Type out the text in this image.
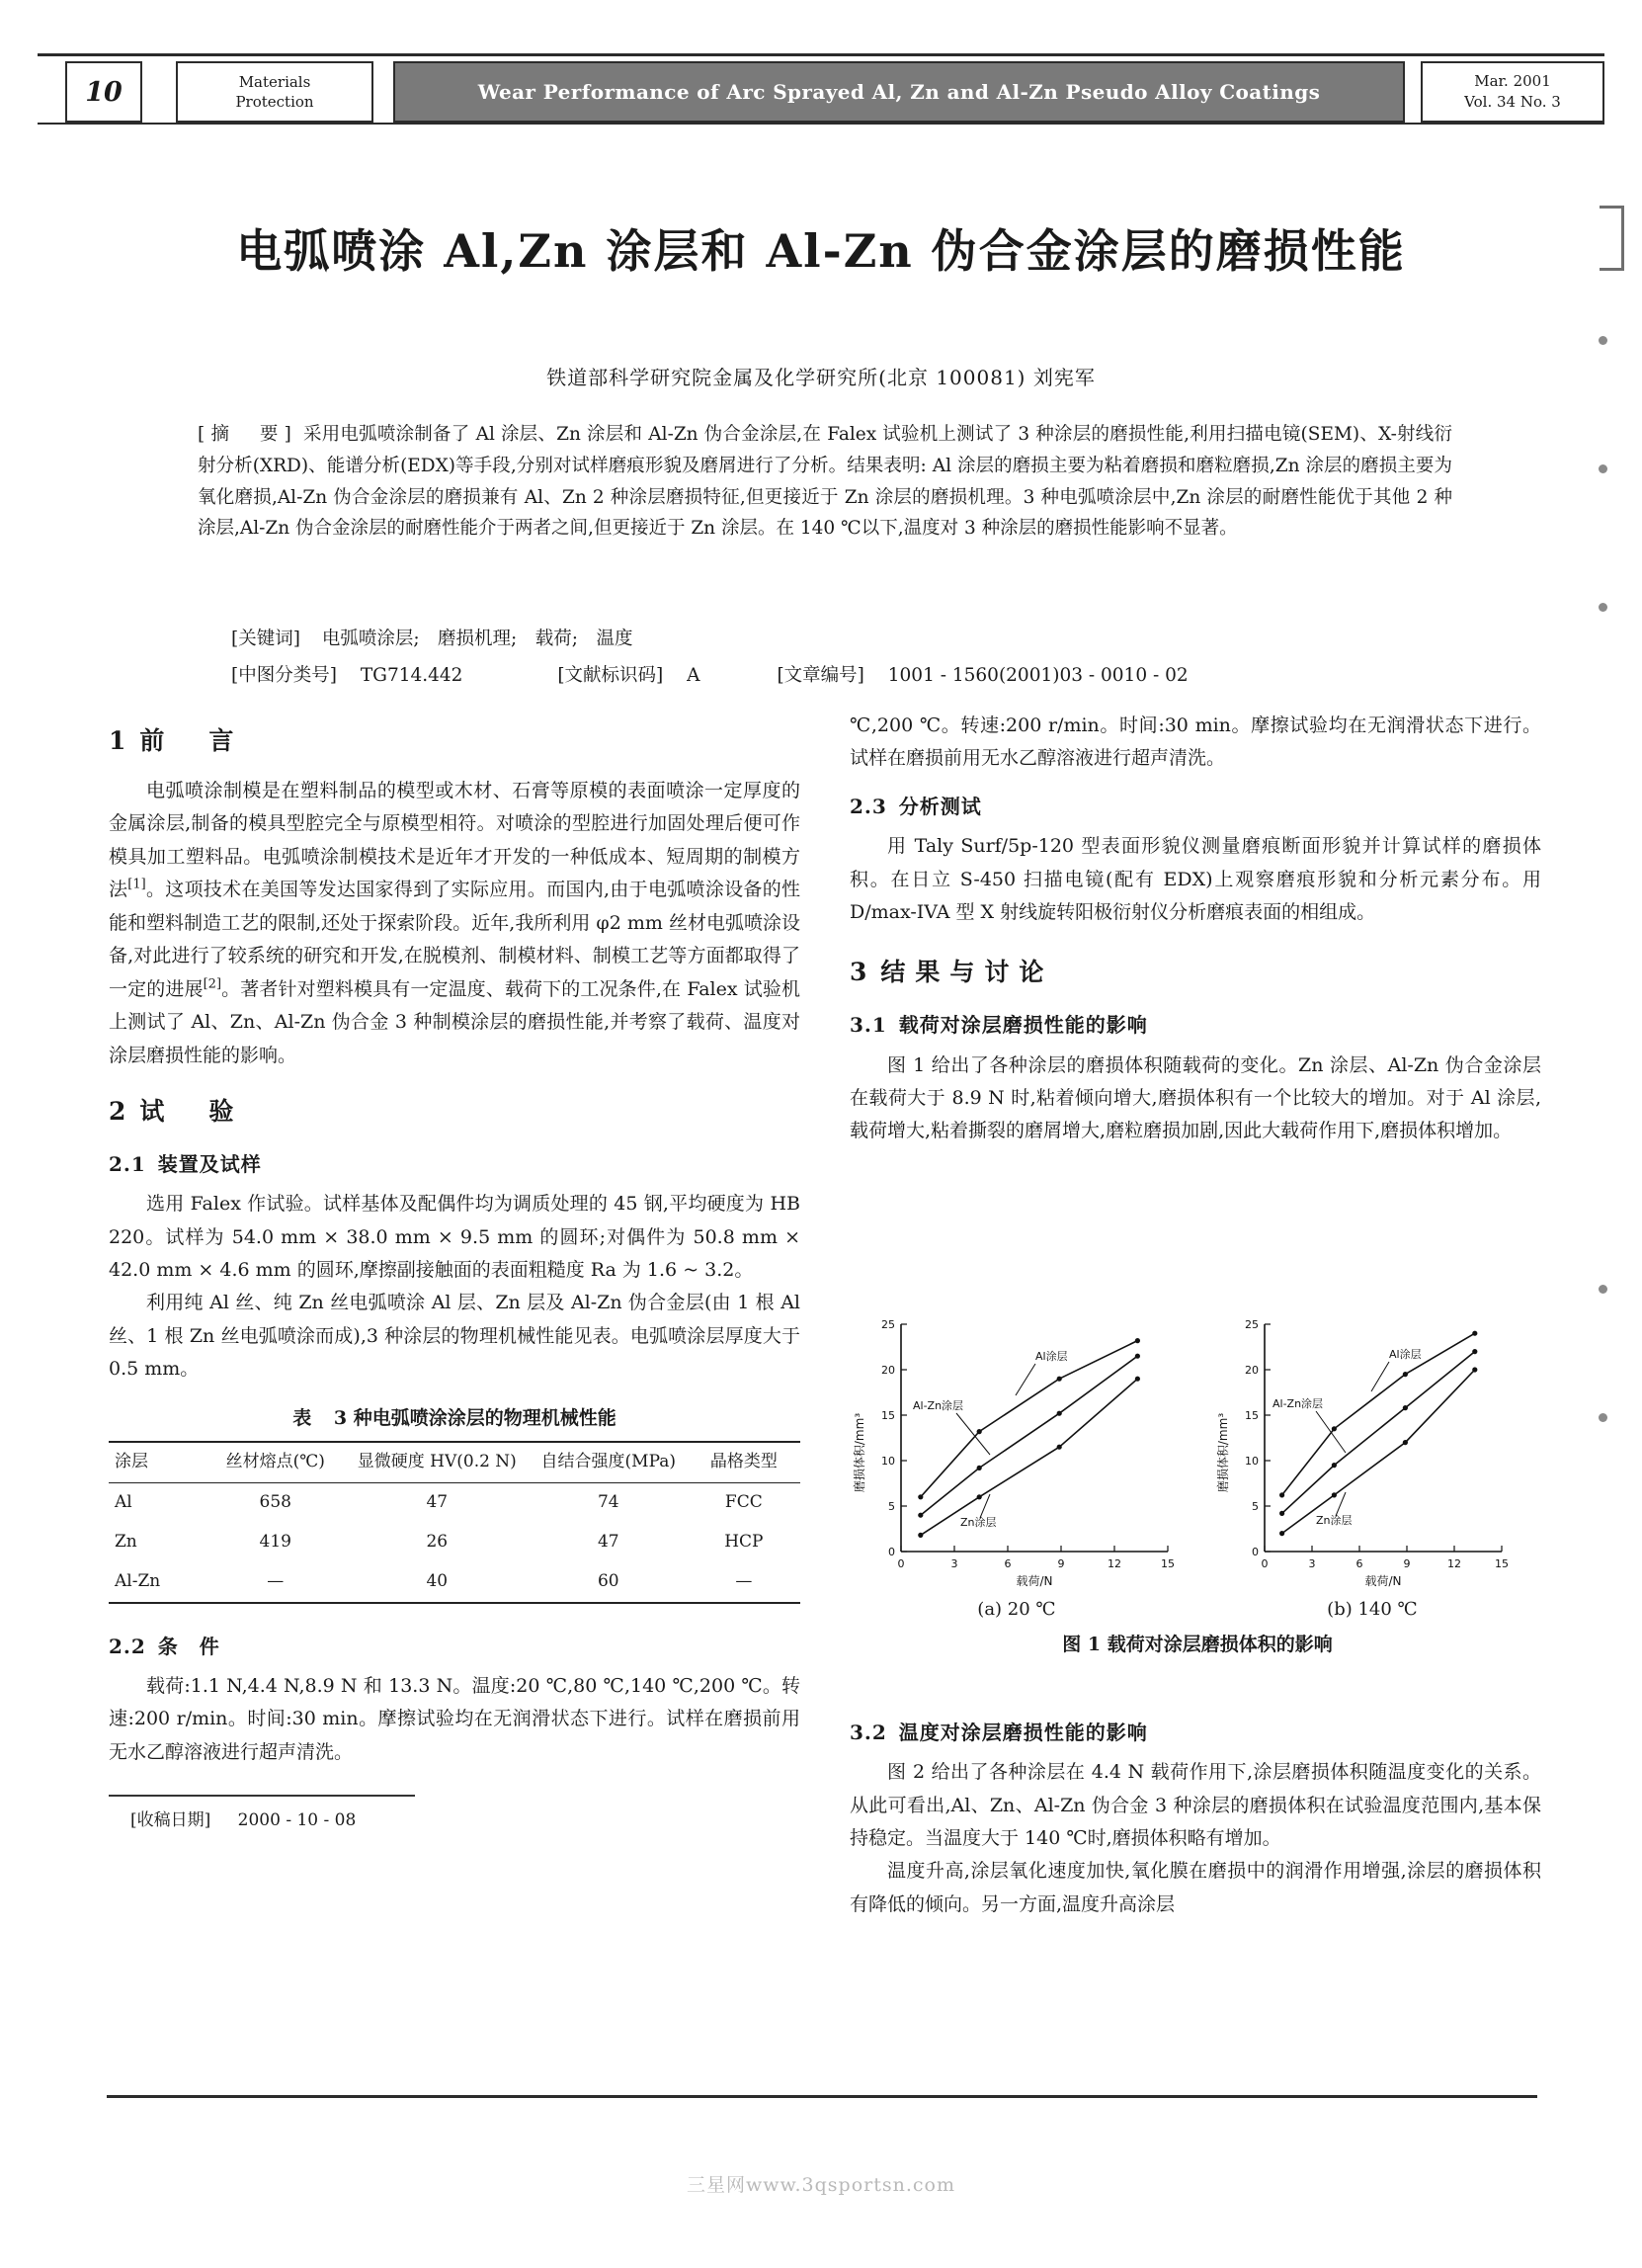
10	Materials
Protection	Wear Performance of Arc Sprayed Al, Zn and Al-Zn Pseudo Alloy Coatings	Mar. 2001
Vol. 34 No. 3
电弧喷涂 Al,Zn 涂层和 Al-Zn 伪合金涂层的磨损性能
铁道部科学研究院金属及化学研究所(北京 100081) 刘宪军

[摘　要] 采用电弧喷涂制备了 Al 涂层、Zn 涂层和 Al-Zn 伪合金涂层,在 Falex 试验机上测试了 3 种涂层的磨损性能,利用扫描电镜(SEM)、X-射线衍射分析(XRD)、能谱分析(EDX)等手段,分别对试样磨痕形貌及磨屑进行了分析。结果表明: Al 涂层的磨损主要为粘着磨损和磨粒磨损,Zn 涂层的磨损主要为氧化磨损,Al-Zn 伪合金涂层的磨损兼有 Al、Zn 2 种涂层磨损特征,但更接近于 Zn 涂层的磨损机理。3 种电弧喷涂层中,Zn 涂层的耐磨性能优于其他 2 种涂层,Al-Zn 伪合金涂层的耐磨性能介于两者之间,但更接近于 Zn 涂层。在 140 ℃以下,温度对 3 种涂层的磨损性能影响不显著。

[关键词] 电弧喷涂层;　磨损机理;　载荷;　温度
[中图分类号] TG714.442	[文献标识码] A	[文章编号] 1001 - 1560(2001)03 - 0010 - 02
1 前　言

电弧喷涂制模是在塑料制品的模型或木材、石膏等原模的表面喷涂一定厚度的金属涂层,制备的模具型腔完全与原模型相符。对喷涂的型腔进行加固处理后便可作模具加工塑料品。电弧喷涂制模技术是近年才开发的一种低成本、短周期的制模方法[1]。这项技术在美国等发达国家得到了实际应用。而国内,由于电弧喷涂设备的性能和塑料制造工艺的限制,还处于探索阶段。近年,我所利用 φ2 mm 丝材电弧喷涂设备,对此进行了较系统的研究和开发,在脱模剂、制模材料、制模工艺等方面都取得了一定的进展[2]。著者针对塑料模具有一定温度、载荷下的工况条件,在 Falex 试验机上测试了 Al、Zn、Al-Zn 伪合金 3 种制模涂层的磨损性能,并考察了载荷、温度对涂层磨损性能的影响。

2 试　验
2.1 装置及试样

选用 Falex 作试验。试样基体及配偶件均为调质处理的 45 钢,平均硬度为 HB 220。试样为 54.0 mm × 38.0 mm × 9.5 mm 的圆环;对偶件为 50.8 mm × 42.0 mm × 4.6 mm 的圆环,摩擦副接触面的表面粗糙度 Ra 为 1.6 ~ 3.2。

利用纯 Al 丝、纯 Zn 丝电弧喷涂 Al 层、Zn 层及 Al-Zn 伪合金层(由 1 根 Al 丝、1 根 Zn 丝电弧喷涂而成),3 种涂层的物理机械性能见表。电弧喷涂层厚度大于 0.5 mm。

表 3 种电弧喷涂涂层的物理机械性能
涂层	丝材熔点(℃)	显微硬度 HV(0.2 N)	自结合强度(MPa)	晶格类型
Al	658	47	74	FCC
Zn	419	26	47	HCP
Al-Zn	—	40	60	—
2.2 条　件

载荷:1.1 N,4.4 N,8.9 N 和 13.3 N。温度:20 ℃,80 ℃,140 ℃,200 ℃。转速:200 r/min。时间:30 min。摩擦试验均在无润滑状态下进行。试样在磨损前用无水乙醇溶液进行超声清洗。

[收稿日期] 2000 - 10 - 08

℃,200 ℃。转速:200 r/min。时间:30 min。摩擦试验均在无润滑状态下进行。试样在磨损前用无水乙醇溶液进行超声清洗。

2.3 分析测试

用 Taly Surf/5p-120 型表面形貌仪测量磨痕断面形貌并计算试样的磨损体积。在日立 S-450 扫描电镜(配有 EDX)上观察磨痕形貌和分析元素分布。用 D/max-IVA 型 X 射线旋转阳极衍射仪分析磨痕表面的相组成。

3 结果与讨论
3.1 载荷对涂层磨损性能的影响

图 1 给出了各种涂层的磨损体积随载荷的变化。Zn 涂层、Al-Zn 伪合金涂层在载荷大于 8.9 N 时,粘着倾向增大,磨损体积有一个比较大的增加。对于 Al 涂层,载荷增大,粘着撕裂的磨屑增大,磨粒磨损加剧,因此大载荷作用下,磨损体积增加。

3.2 温度对涂层磨损性能的影响

图 2 给出了各种涂层在 4.4 N 载荷作用下,涂层磨损体积随温度变化的关系。从此可看出,Al、Zn、Al-Zn 伪合金 3 种涂层的磨损体积在试验温度范围内,基本保持稳定。当温度大于 140 ℃时,磨损体积略有增加。

温度升高,涂层氧化速度加快,氧化膜在磨损中的润滑作用增强,涂层的磨损体积有降低的倾向。另一方面,温度升高涂层

0	3	6	9	12	15
0
5
10
15
20
25
载荷/N
磨损体积/mm³
Al涂层
Al-Zn涂层
Zn涂层
0	3	6	9	12	15
0
5
10
15
20
25
载荷/N
磨损体积/mm³
Al涂层
Al-Zn涂层
Zn涂层
(a) 20 ℃	(b) 140 ℃
图 1 载荷对涂层磨损体积的影响
三星网www.3qsportsn.com
